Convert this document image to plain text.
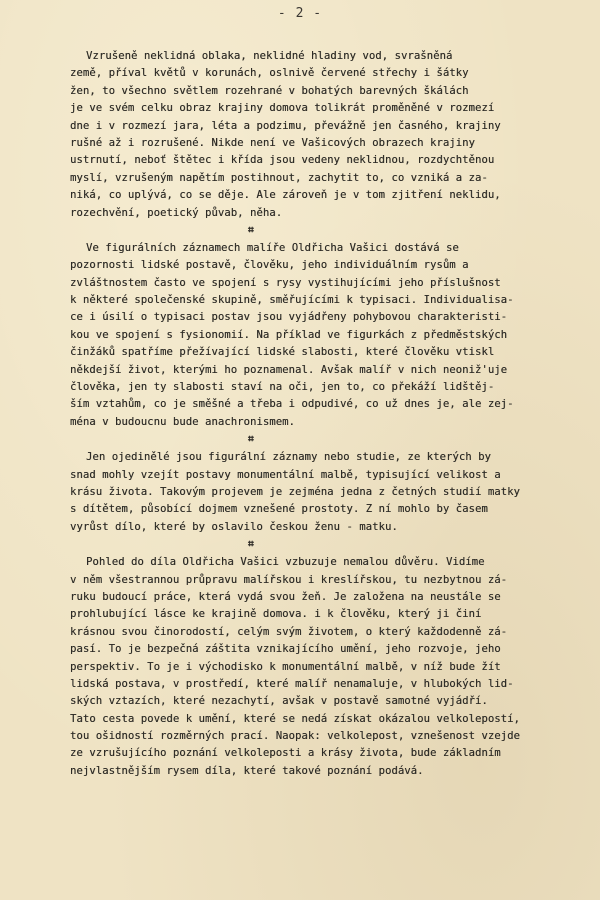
- 2 -
Vzrušeně neklidná oblaka, neklidné hladiny vod, svrašněná
země, příval květů v korunách, oslnivě červené střechy i šátky
žen, to všechno světlem rozehrané v bohatých barevných škálách
je ve svém celku obraz krajiny domova tolikrát proměněné v rozmezí
dne i v rozmezí jara, léta a podzimu, převážně jen časného, krajiny
rušné až i rozrušené. Nikde není ve Vašicových obrazech krajiny
ustrnutí, neboť štětec i křída jsou vedeny neklidnou, rozdychtěnou
myslí, vzrušeným napětím postihnout, zachytit to, co vzniká a za-
niká, co uplývá, co se děje. Ale zároveň je v tom zjitření neklidu,
rozechvění, poetický půvab, něha.
⌗
Ve figurálních záznamech malíře Oldřicha Vašici dostává se
pozornosti lidské postavě, člověku, jeho individuálním rysům a
zvláštnostem často ve spojení s rysy vystihujícími jeho příslušnost
k některé společenské skupině, směřujícími k typisaci. Individualisa-
ce i úsilí o typisaci postav jsou vyjádřeny pohybovou charakteristi-
kou ve spojení s fysionomií. Na příklad ve figurkách z předměstských
činžáků spatříme přežívající lidské slabosti, které člověku vtiskl
někdejší život, kterými ho poznamenal. Avšak malíř v nich neoniž'uje
člověka, jen ty slabosti staví na oči, jen to, co překáží lidštěj-
ším vztahům, co je směšné a třeba i odpudivé, co už dnes je, ale zej-
ména v budoucnu bude anachronismem.
⌗
Jen ojedinělé jsou figurální záznamy nebo studie, ze kterých by
snad mohly vzejít postavy monumentální malbě, typisující velikost a
krásu života. Takovým projevem je zejména jedna z četných studií matky
s dítětem, působící dojmem vznešené prostoty. Z ní mohlo by časem
vyrůst dílo, které by oslavilo českou ženu - matku.
⌗
Pohled do díla Oldřicha Vašici vzbuzuje nemalou důvěru. Vidíme
v něm všestrannou průpravu malířskou i kreslířskou, tu nezbytnou zá-
ruku budoucí práce, která vydá svou žeň. Je založena na neustále se
prohlubující lásce ke krajině domova. i k člověku, který ji činí
krásnou svou činorodostí, celým svým životem, o který každodenně zá-
pasí. To je bezpečná záštita vznikajícího umění, jeho rozvoje, jeho
perspektiv. To je i východisko k monumentální malbě, v níž bude žít
lidská postava, v prostředí, které malíř nenamaluje, v hlubokých lid-
ských vztazích, které nezachytí, avšak v postavě samotné vyjádří.
Tato cesta povede k umění, které se nedá získat okázalou velkolepostí,
tou ošidností rozměrných prací. Naopak: velkolepost, vznešenost vzejde
ze vzrušujícího poznání velkoleposti a krásy života, bude základním
nejvlastnějším rysem díla, které takové poznání podává.
